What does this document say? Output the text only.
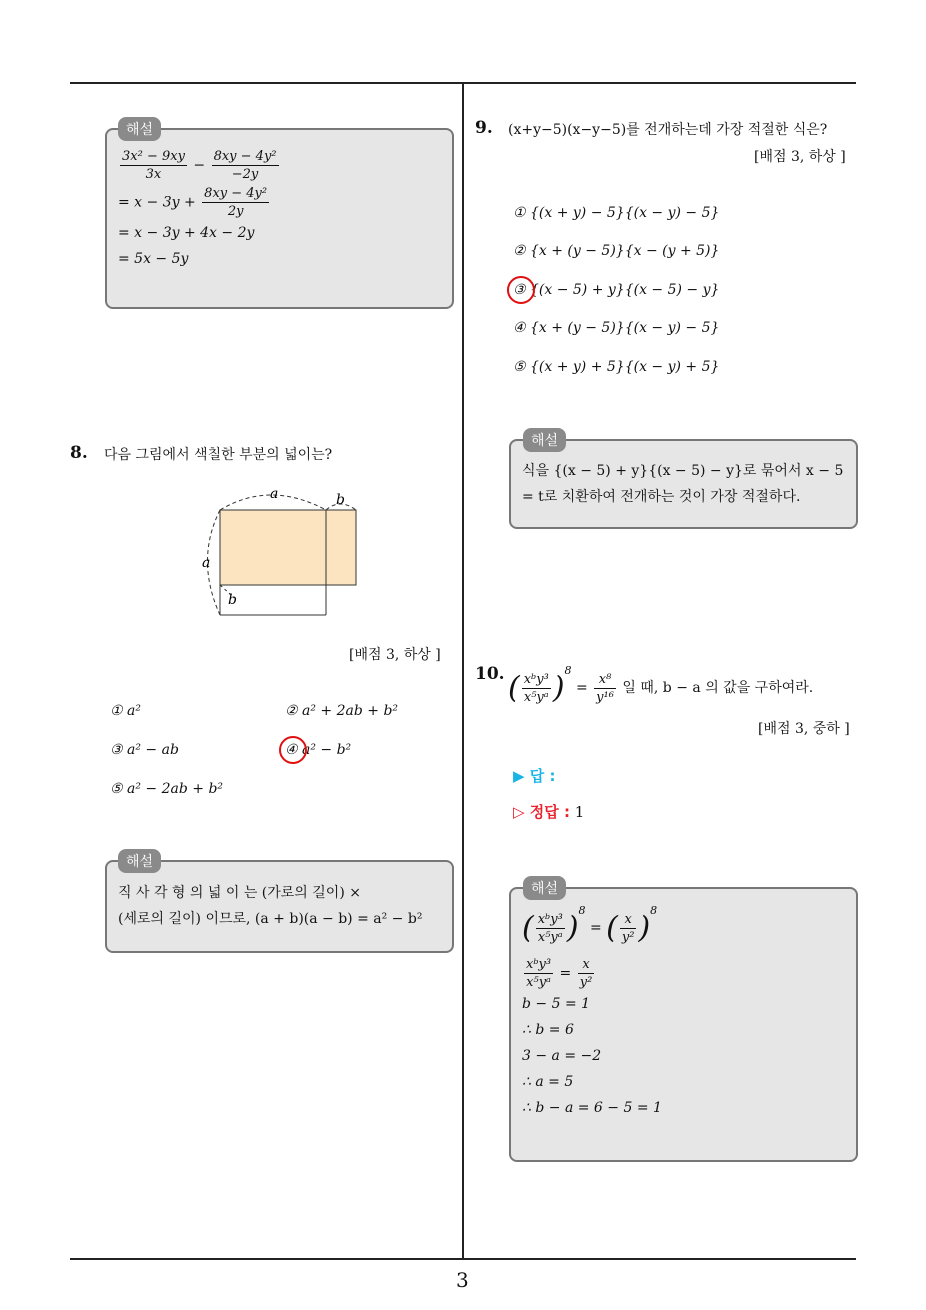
3
해설
$\frac{\text{3x² − 9xy}}{3x} - \frac{\text{8xy − 4y²}}{-2y}$
= $x - 3y + \frac{\text{8xy − 4y²}}{2y}$
= x − 3y + 4x − 2y
= 5x − 5y
8. 다음 그림에서 색칠한 부분의 넓이는?
a	b
a
b
[배점 3, 하상 ]
① a²	② a² + 2ab + b²
③ a² − ab	④ a² − b²
⑤ a² − 2ab + b²
해설
직 사 각 형 의 넓 이 는 (가로의 길이) ×
(세로의 길이) 이므로, (a + b)(a − b) = a² − b²
9. (x+y−5)(x−y−5)를 전개하는데 가장 적절한 식은?
[배점 3, 하상 ]
① {(x + y) − 5}{(x − y) − 5}
② {x + (y − 5)}{x − (y + 5)}
③ {(x − 5) + y}{(x − 5) − y}
④ {x + (y − 5)}{(x − y) − 5}
⑤ {(x + y) + 5}{(x − y) + 5}
해설
식을 {(x − 5) + y}{(x − 5) − y}로 묶어서 x − 5
= t로 치환하여 전개하는 것이 가장 적절하다.
10. ( $\frac{\text{xᵇy³}}{\text{x⁵yᵃ}} )^8 = \frac{\text{x⁸}}{\text{y¹⁶}}$ 일 때, b − a 의 값을 구하여라.
[배점 3, 중하 ]
▶ 답 :
▷ 정답 : 1
해설
( $\frac{\text{xᵇy³}}{\text{x⁵yᵃ}} )^8$ = ( $\frac{x}{\text{y²}} )^8$
$\frac{\text{xᵇy³}}{\text{x⁵yᵃ}} = \frac{x}{\text{y²}}$
b − 5 = 1
∴ b = 6
3 − a = −2
∴ a = 5
∴ b − a = 6 − 5 = 1
